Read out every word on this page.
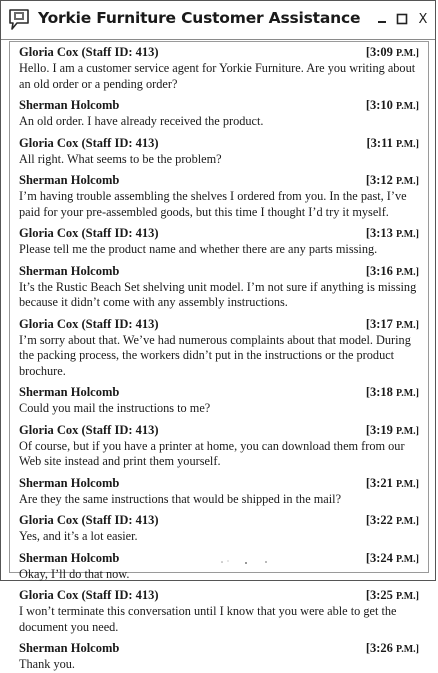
Yorkie Furniture Customer Assistance	X
Gloria Cox (Staff ID: 413)	[3:09 P.M.]
Hello. I am a customer service agent for Yorkie Furniture. Are you writing about an old order or a pending order?
Sherman Holcomb	[3:10 P.M.]
An old order. I have already received the product.
Gloria Cox (Staff ID: 413)	[3:11 P.M.]
All right. What seems to be the problem?
Sherman Holcomb	[3:12 P.M.]
I’m having trouble assembling the shelves I ordered from you. In the past, I’ve paid for your pre-assembled goods, but this time I thought I’d try it myself.
Gloria Cox (Staff ID: 413)	[3:13 P.M.]
Please tell me the product name and whether there are any parts missing.
Sherman Holcomb	[3:16 P.M.]
It’s the Rustic Beach Set shelving unit model. I’m not sure if anything is missing because it didn’t come with any assembly instructions.
Gloria Cox (Staff ID: 413)	[3:17 P.M.]
I’m sorry about that. We’ve had numerous complaints about that model. During the packing process, the workers didn’t put in the instructions or the product brochure.
Sherman Holcomb	[3:18 P.M.]
Could you mail the instructions to me?
Gloria Cox (Staff ID: 413)	[3:19 P.M.]
Of course, but if you have a printer at home, you can download them from our Web site instead and print them yourself.
Sherman Holcomb	[3:21 P.M.]
Are they the same instructions that would be shipped in the mail?
Gloria Cox (Staff ID: 413)	[3:22 P.M.]
Yes, and it’s a lot easier.
Sherman Holcomb	[3:24 P.M.]
Okay, I’ll do that now.
Gloria Cox (Staff ID: 413)	[3:25 P.M.]
I won’t terminate this conversation until I know that you were able to get the document you need.
Sherman Holcomb	[3:26 P.M.]
Thank you.
